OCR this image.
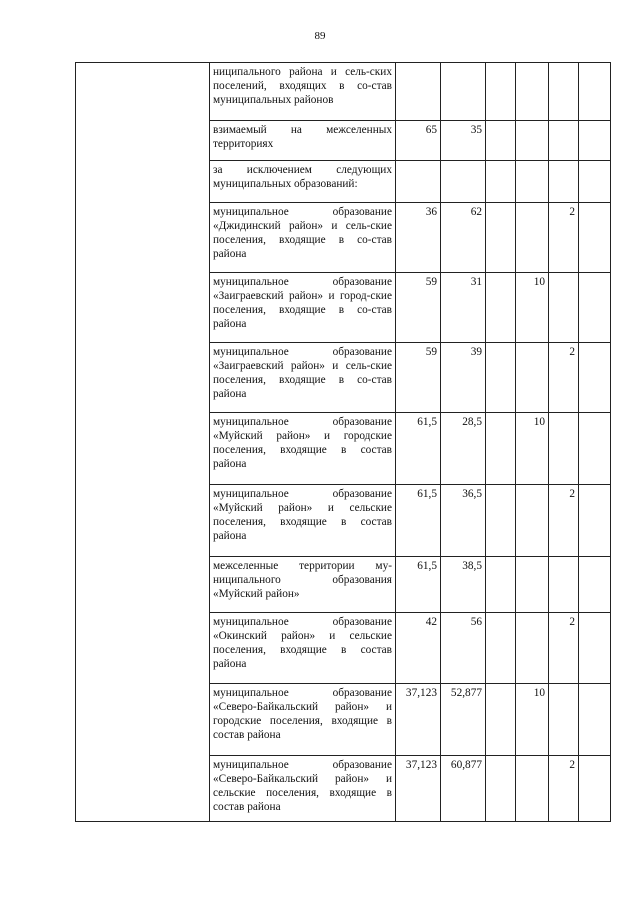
89
	ниципального района и сель-ских поселений, входящих в со-став муниципальных районов						
	взимаемый на межселенных территориях	65	35				
	за исключением следующих муниципальных образований:						
	муниципальное образование «Джидинский район» и сель-ские поселения, входящие в со-став района	36	62			2	
	муниципальное образование «Заиграевский район» и город-ские поселения, входящие в со-став района	59	31		10		
	муниципальное образование «Заиграевский район» и сель-ские поселения, входящие в со-став района	59	39			2	
	муниципальное образование «Муйский район» и городские поселения, входящие в состав района	61,5	28,5		10		
	муниципальное образование «Муйский район» и сельские поселения, входящие в состав района	61,5	36,5			2	
	межселенные территории му-ниципального образования «Муйский район»	61,5	38,5				
	муниципальное образование «Окинский район» и сельские поселения, входящие в состав района	42	56			2	
	муниципальное образование «Северо-Байкальский район» и городские поселения, входящие в состав района	37,123	52,877		10		
	муниципальное образование «Северо-Байкальский район» и сельские поселения, входящие в состав района	37,123	60,877			2	
